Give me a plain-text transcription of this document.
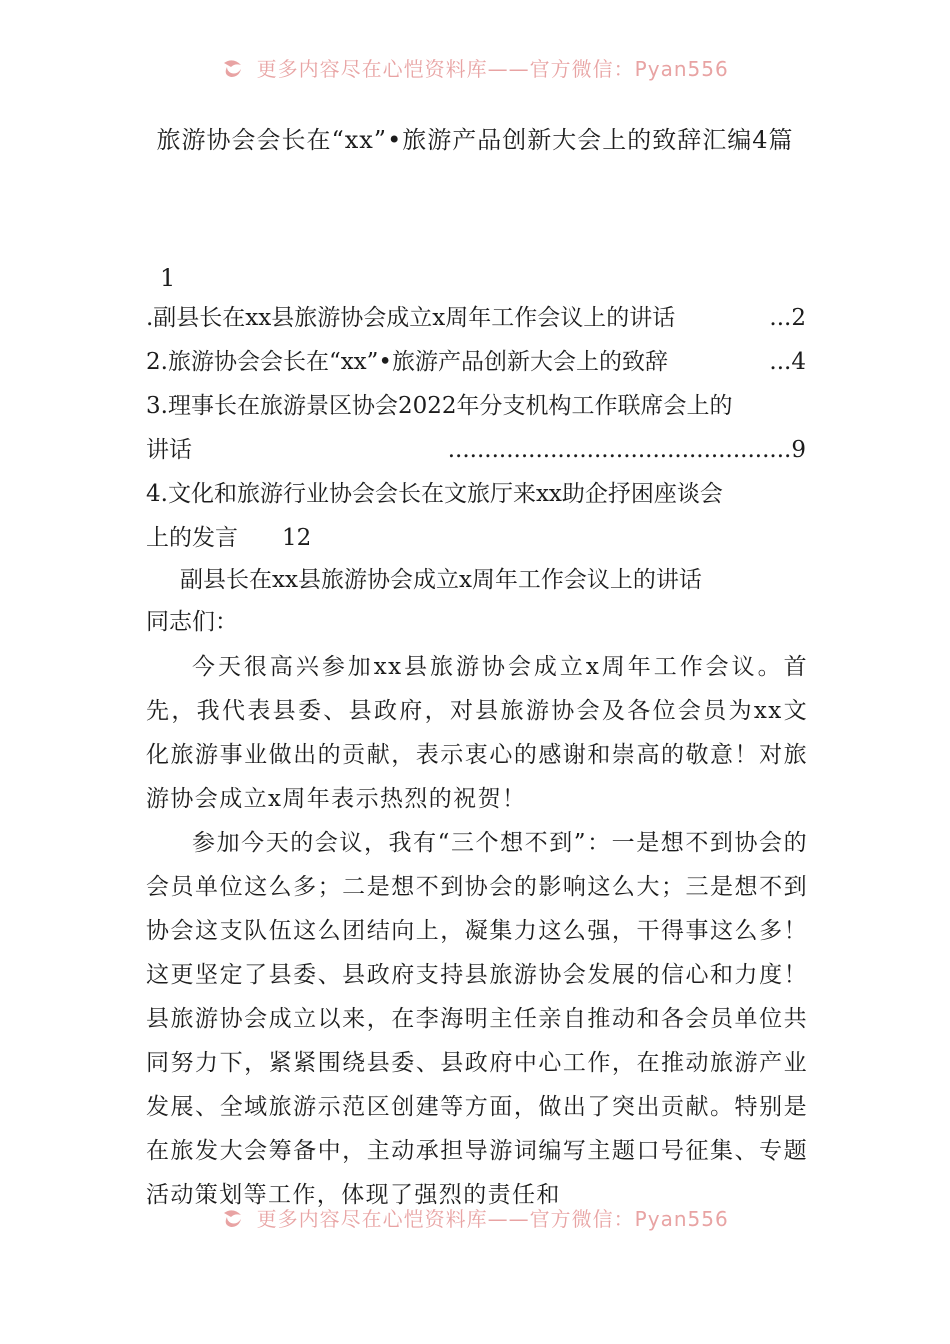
更多内容尽在心恺资料库——官方微信：Pyan556
旅游协会会长在“xx”•旅游产品创新大会上的致辞汇编4篇
1
.副县长在xx县旅游协会成立x周年工作会议上的讲话	... 2
2.旅游协会会长在“xx”•旅游产品创新大会上的致辞	... 4
3.理事长在旅游景区协会2022年分支机构工作联席会上的
讲话	............................................... 9
4.文化和旅游行业协会会长在文旅厅来xx助企抒困座谈会
上的发言 12
副县长在xx县旅游协会成立x周年工作会议上的讲话
同志们：

今天很高兴参加xx县旅游协会成立x周年工作会议。首先，我代表县委、县政府，对县旅游协会及各位会员为xx文化旅游事业做出的贡献，表示衷心的感谢和崇高的敬意！对旅游协会成立x周年表示热烈的祝贺！

参加今天的会议，我有“三个想不到”：一是想不到协会的会员单位这么多；二是想不到协会的影响这么大；三是想不到协会这支队伍这么团结向上，凝集力这么强，干得事这么多！这更坚定了县委、县政府支持县旅游协会发展的信心和力度！县旅游协会成立以来，在李海明主任亲自推动和各会员单位共同努力下，紧紧围绕县委、县政府中心工作，在推动旅游产业发展、全域旅游示范区创建等方面，做出了突出贡献。特别是在旅发大会筹备中，主动承担导游词编写主题口号征集、专题活动策划等工作，体现了强烈的责任和

更多内容尽在心恺资料库——官方微信：Pyan556
